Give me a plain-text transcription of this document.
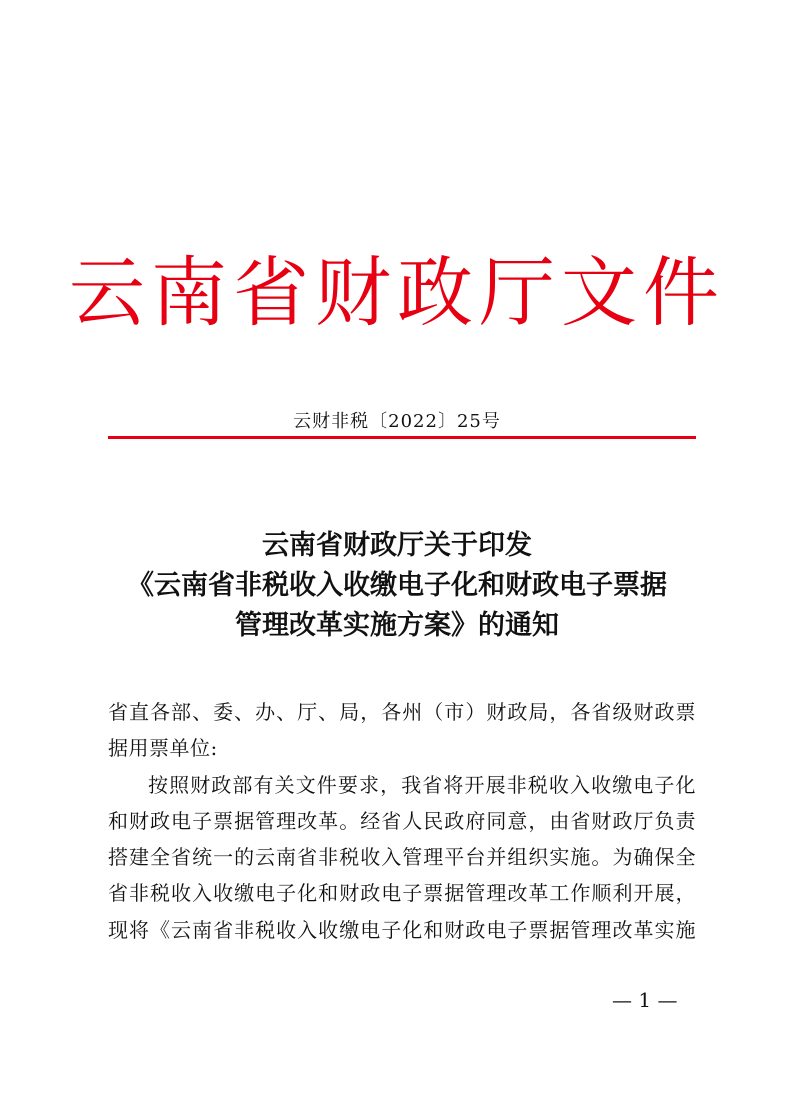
云南省财政厅文件
云财非税〔2022〕25号
云南省财政厅关于印发
《云南省非税收入收缴电子化和财政电子票据
管理改革实施方案》的通知
省直各部、委、办、厅、局，各州（市）财政局，各省级财政票
据用票单位:
按照财政部有关文件要求，我省将开展非税收入收缴电子化
和财政电子票据管理改革。经省人民政府同意，由省财政厅负责
搭建全省统一的云南省非税收入管理平台并组织实施。为确保全
省非税收入收缴电子化和财政电子票据管理改革工作顺利开展，
现将《云南省非税收入收缴电子化和财政电子票据管理改革实施
— 1 —
